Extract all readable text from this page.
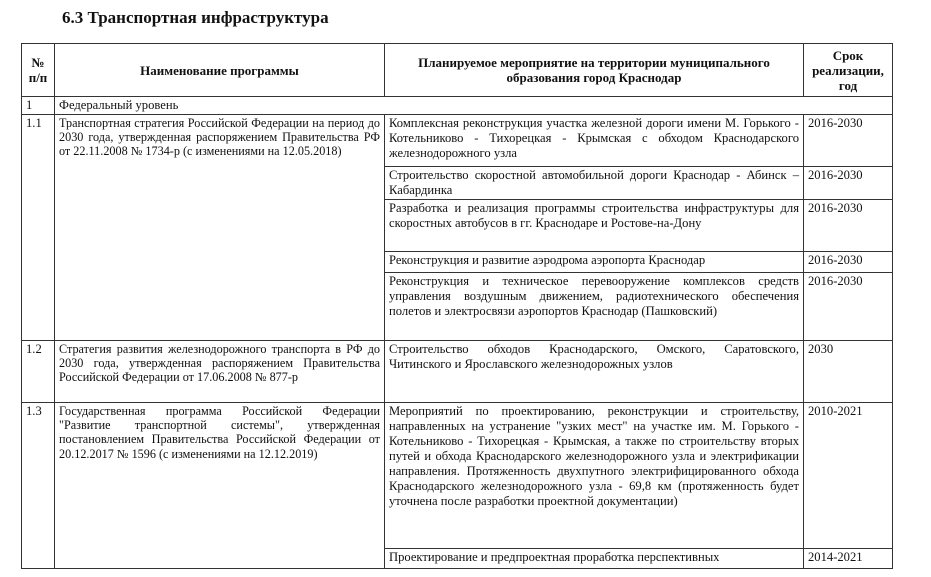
6.3 Транспортная инфраструктура
№ п/п	Наименование программы	Планируемое мероприятие на территории муниципального образования город Краснодар	Срок реализации, год
1	Федеральный уровень		
1.1	Транспортная стратегия Российской Федерации на период до 2030 года, утвержденная распоряжением Правительства РФ от 22.11.2008 № 1734-р (с изменениями на 12.05.2018)	Комплексная реконструкция участка железной дороги имени М. Горького - Котельниково - Тихорецкая - Крымская с обходом Краснодарского железнодорожного узла	2016-2030
		Строительство скоростной автомобильной дороги Краснодар - Абинск – Кабардинка	2016-2030
		Разработка и реализация программы строительства инфраструктуры для скоростных автобусов в гг. Краснодаре и Ростове-на-Дону	2016-2030
		Реконструкция и развитие аэродрома аэропорта Краснодар	2016-2030
		Реконструкция и техническое перевооружение комплексов средств управления воздушным движением, радиотехнического обеспечения полетов и электросвязи аэропортов Краснодар (Пашковский)	2016-2030
1.2	Стратегия развития железнодорожного транспорта в РФ до 2030 года, утвержденная распоряжением Правительства Российской Федерации от 17.06.2008 № 877-р	Строительство обходов Краснодарского, Омского, Саратовского, Читинского и Ярославского железнодорожных узлов	2030
1.3	Государственная программа Российской Федерации "Развитие транспортной системы", утвержденная постановлением Правительства Российской Федерации от 20.12.2017 № 1596 (с изменениями на 12.12.2019)	Мероприятий по проектированию, реконструкции и строительству, направленных на устранение "узких мест" на участке им. М. Горького - Котельниково - Тихорецкая - Крымская, а также по строительству вторых путей и обхода Краснодарского железнодорожного узла и электрификации направления. Протяженность двухпутного электрифицированного обхода Краснодарского железнодорожного узла - 69,8 км (протяженность будет уточнена после разработки проектной документации)	2010-2021
		Проектирование и предпроектная проработка перспективных	2014-2021
